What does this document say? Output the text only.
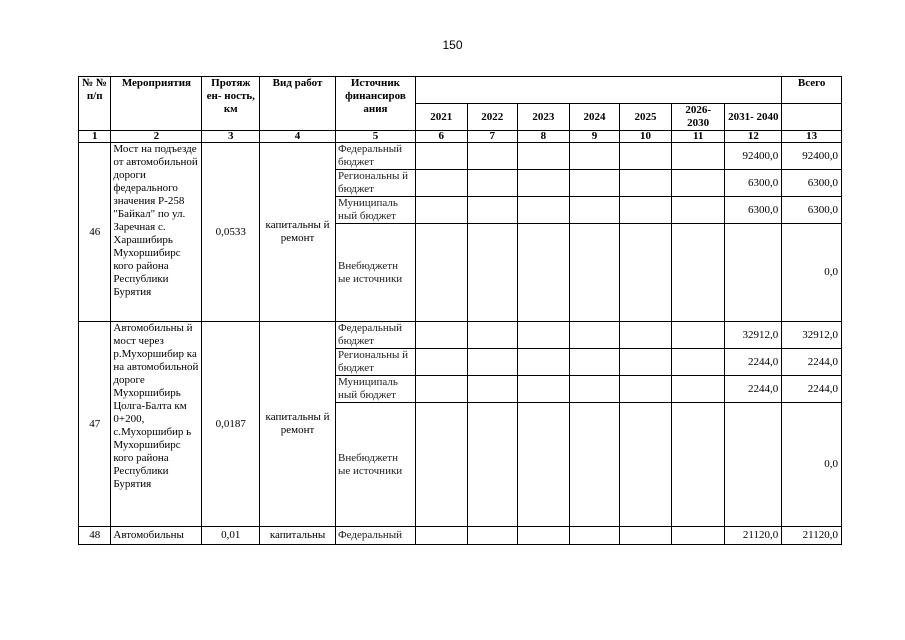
150
№ № п/п	Мероприятия	Протяж ен- ность, км	Вид работ	Источник финансиров ания								Всего
					2021	2022	2023	2024	2025	2026- 2030	2031- 2040	
1	2	3	4	5	6	7	8	9	10	11	12	13
46	Мост на подъезде от автомобильной дороги федерального значения Р-258 "Байкал" по ул. Заречная с. Харашибирь Мухоршибирс кого района Республики Бурятия	0,0533	капитальны й ремонт	Федеральный бюджет							92400,0	92400,0
				Региональны й бюджет							6300,0	6300,0
				Муниципаль ный бюджет							6300,0	6300,0
				Внебюджетн ые источники								0,0
47	Автомобильны й мост через р.Мухоршибир ка на автомобильной дороге Мухоршибирь Цолга-Балта км 0+200, с.Мухоршибир ь Мухоршибирс кого района Республики Бурятия	0,0187	капитальны й ремонт	Федеральный бюджет							32912,0	32912,0
				Региональны й бюджет							2244,0	2244,0
				Муниципаль ный бюджет							2244,0	2244,0
				Внебюджетн ые источники								0,0
48	Автомобильны	0,01	капитальны	Федеральный							21120,0	21120,0
